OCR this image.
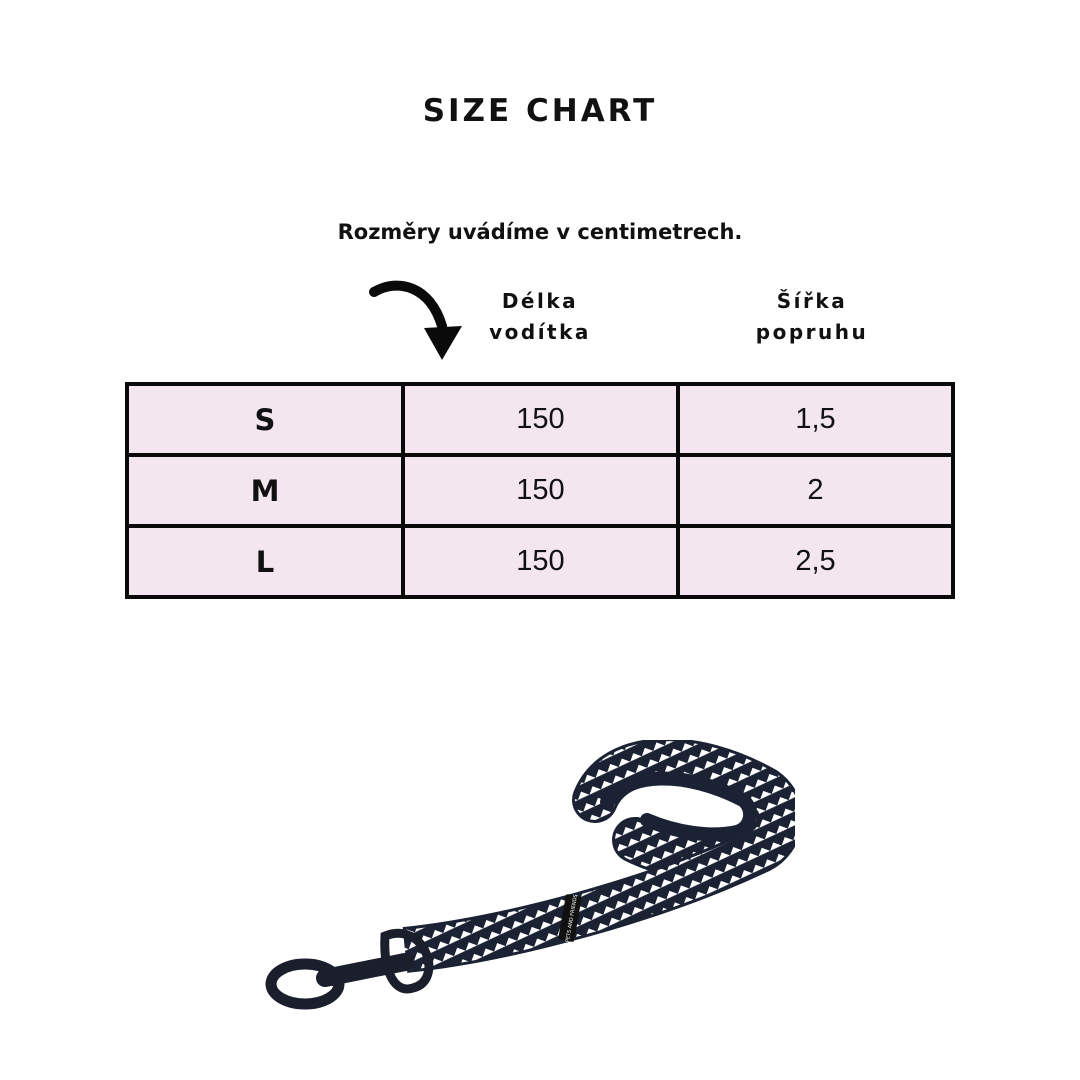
SIZE CHART
Rozměry uvádíme v centimetrech.
Délka
vodítka
Šířka
popruhu
S	150	1,5
M	150	2
L	150	2,5
PETS AND FRIENDS
